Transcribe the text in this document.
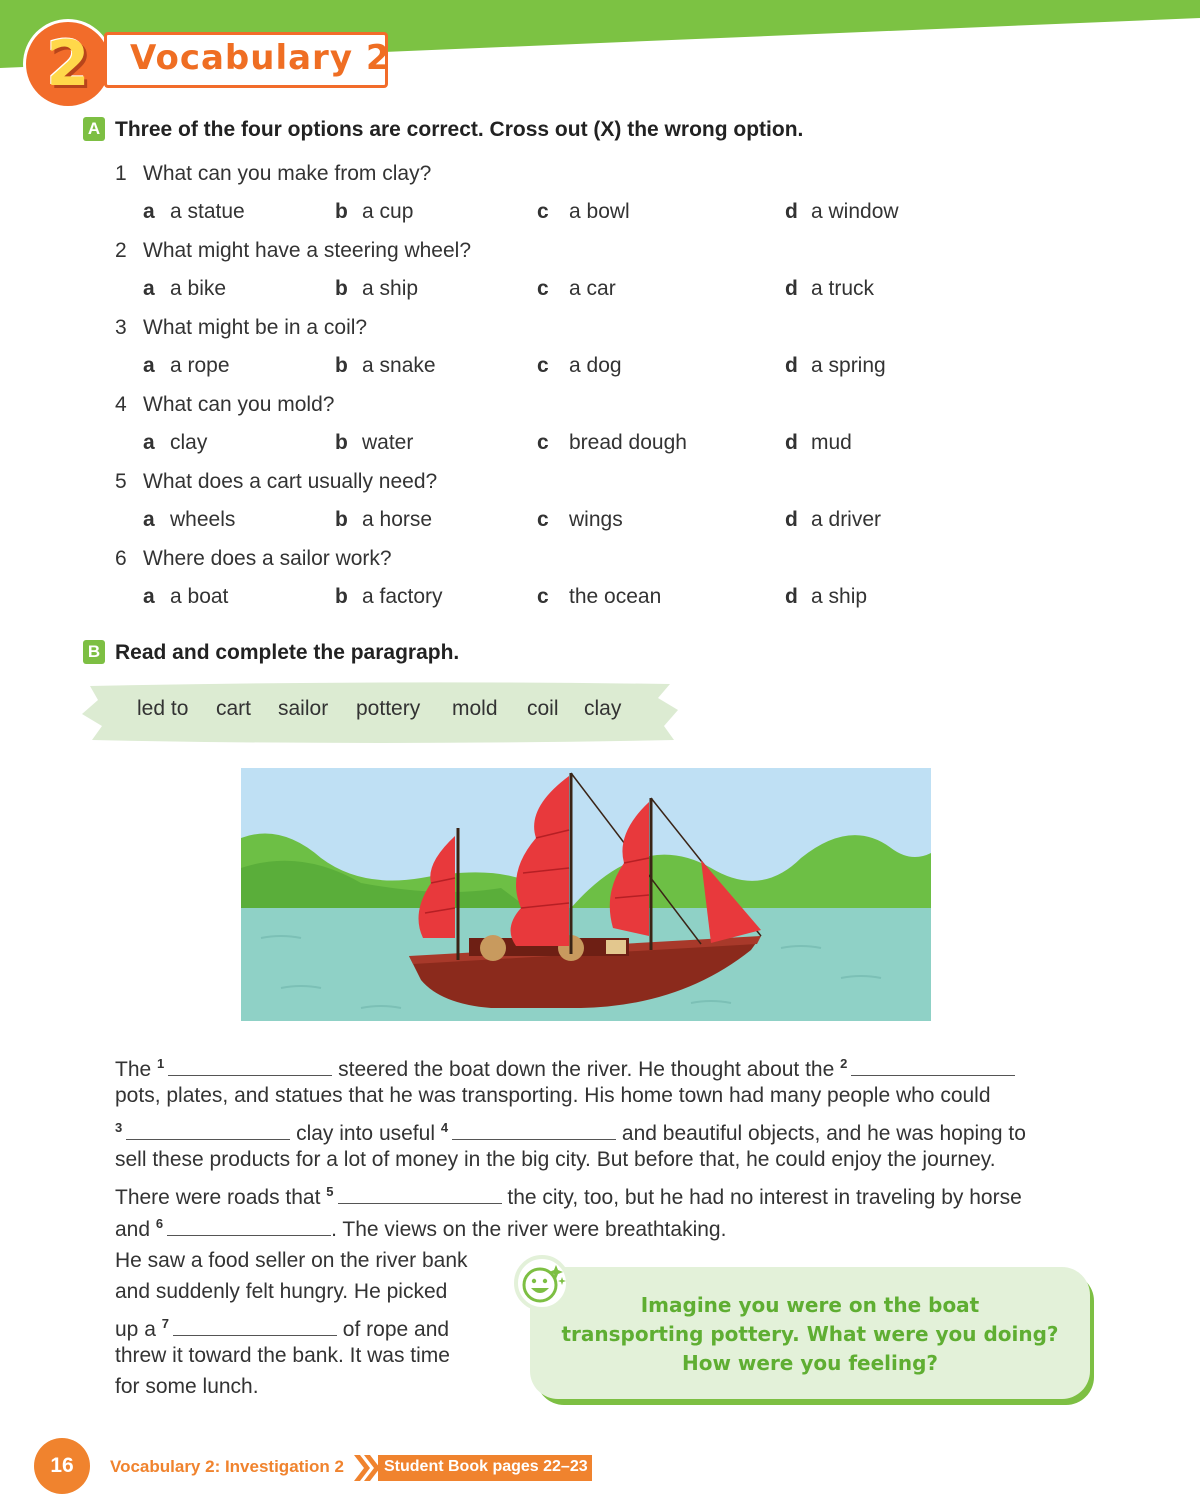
2	Vocabulary 2
A Three of the four options are correct. Cross out (X) the wrong option.
1 What can you make from clay?
a a statue	b a cup	c a bowl	d a window
2 What might have a steering wheel?
a a bike	b a ship	c a car	d a truck
3 What might be in a coil?
a a rope	b a snake	c a dog	d a spring
4 What can you mold?
a clay	b water	c bread dough	d mud
5 What does a cart usually need?
a wheels	b a horse	c wings	d a driver
6 Where does a sailor work?
a a boat	b a factory	c the ocean	d a ship
B Read and complete the paragraph.
led to cart sailor pottery mold coil clay
The $^1$	steered the boat down the river. He thought about the $^2$
pots, plates, and statues that he was transporting. His home town had many people who could
$^3$	clay into useful $^4$	and beautiful objects, and he was hoping to
sell these products for a lot of money in the big city. But before that, he could enjoy the journey.
There were roads that $^5$	the city, too, but he had no interest in traveling by horse
and $^6$	. The views on the river were breathtaking.
He saw a food seller on the river bank
and suddenly felt hungry. He picked
up a $^7$	of rope and
threw it toward the bank. It was time
for some lunch.
Imagine you were on the boat
transporting pottery. What were you doing?
How were you feeling?
16	Vocabulary 2: Investigation 2	Student Book pages 22–23
